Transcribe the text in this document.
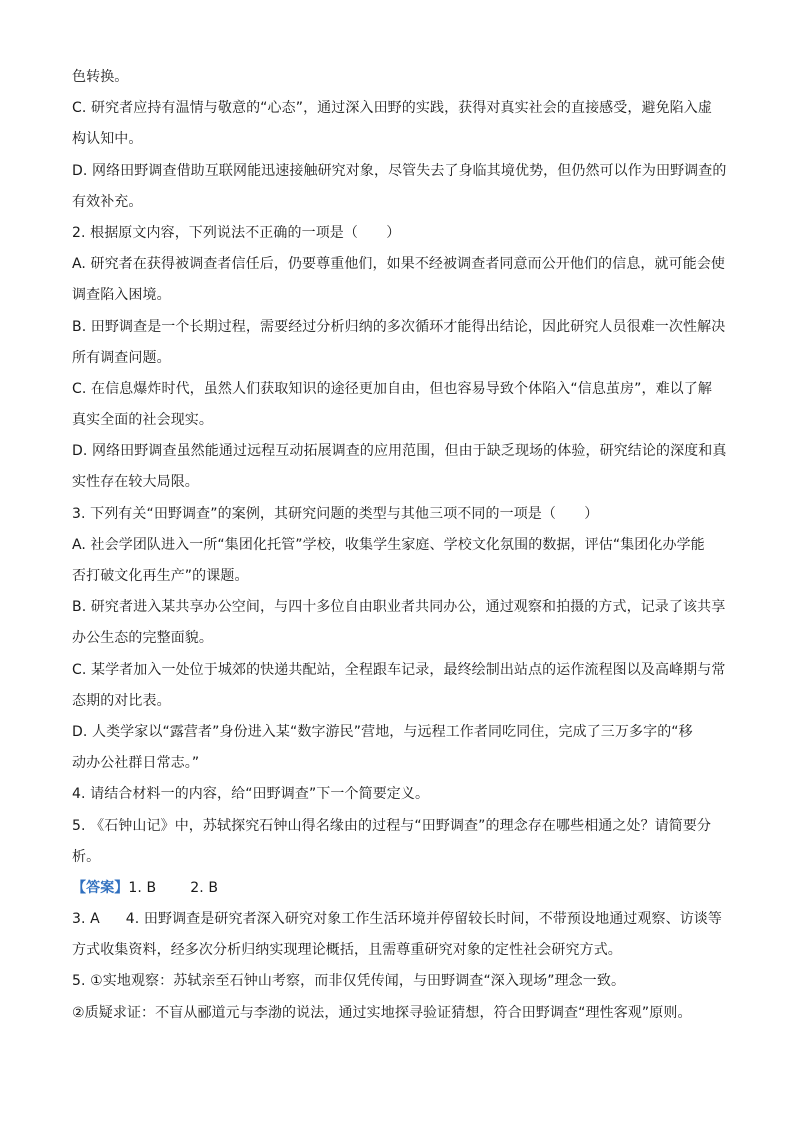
色转换。
C. 研究者应持有温情与敬意的“心态”，通过深入田野的实践，获得对真实社会的直接感受，避免陷入虚
构认知中。
D. 网络田野调查借助互联网能迅速接触研究对象，尽管失去了身临其境优势，但仍然可以作为田野调查的
有效补充。
2. 根据原文内容，下列说法不正确的一项是（　　）
A. 研究者在获得被调查者信任后，仍要尊重他们，如果不经被调查者同意而公开他们的信息，就可能会使
调查陷入困境。
B. 田野调查是一个长期过程，需要经过分析归纳的多次循环才能得出结论，因此研究人员很难一次性解决
所有调查问题。
C. 在信息爆炸时代，虽然人们获取知识的途径更加自由，但也容易导致个体陷入“信息茧房”，难以了解
真实全面的社会现实。
D. 网络田野调查虽然能通过远程互动拓展调查的应用范围，但由于缺乏现场的体验，研究结论的深度和真
实性存在较大局限。
3. 下列有关“田野调查”的案例，其研究问题的类型与其他三项不同的一项是（　　）
A. 社会学团队进入一所“集团化托管”学校，收集学生家庭、学校文化氛围的数据，评估“集团化办学能
否打破文化再生产”的课题。
B. 研究者进入某共享办公空间，与四十多位自由职业者共同办公，通过观察和拍摄的方式，记录了该共享
办公生态的完整面貌。
C. 某学者加入一处位于城郊的快递共配站，全程跟车记录，最终绘制出站点的运作流程图以及高峰期与常
态期的对比表。
D. 人类学家以“露营者”身份进入某“数字游民”营地，与远程工作者同吃同住，完成了三万多字的“移
动办公社群日常志。”
4. 请结合材料一的内容，给“田野调查”下一个简要定义。
5. 《石钟山记》中，苏轼探究石钟山得名缘由的过程与“田野调查”的理念存在哪些相通之处？请简要分
析。
【答案】1. B 2. B
3. A 4. 田野调查是研究者深入研究对象工作生活环境并停留较长时间，不带预设地通过观察、访谈等
方式收集资料，经多次分析归纳实现理论概括，且需尊重研究对象的定性社会研究方式。
5. ①实地观察：苏轼亲至石钟山考察，而非仅凭传闻，与田野调查“深入现场”理念一致。
②质疑求证：不盲从郦道元与李渤的说法，通过实地探寻验证猜想，符合田野调查“理性客观”原则。
